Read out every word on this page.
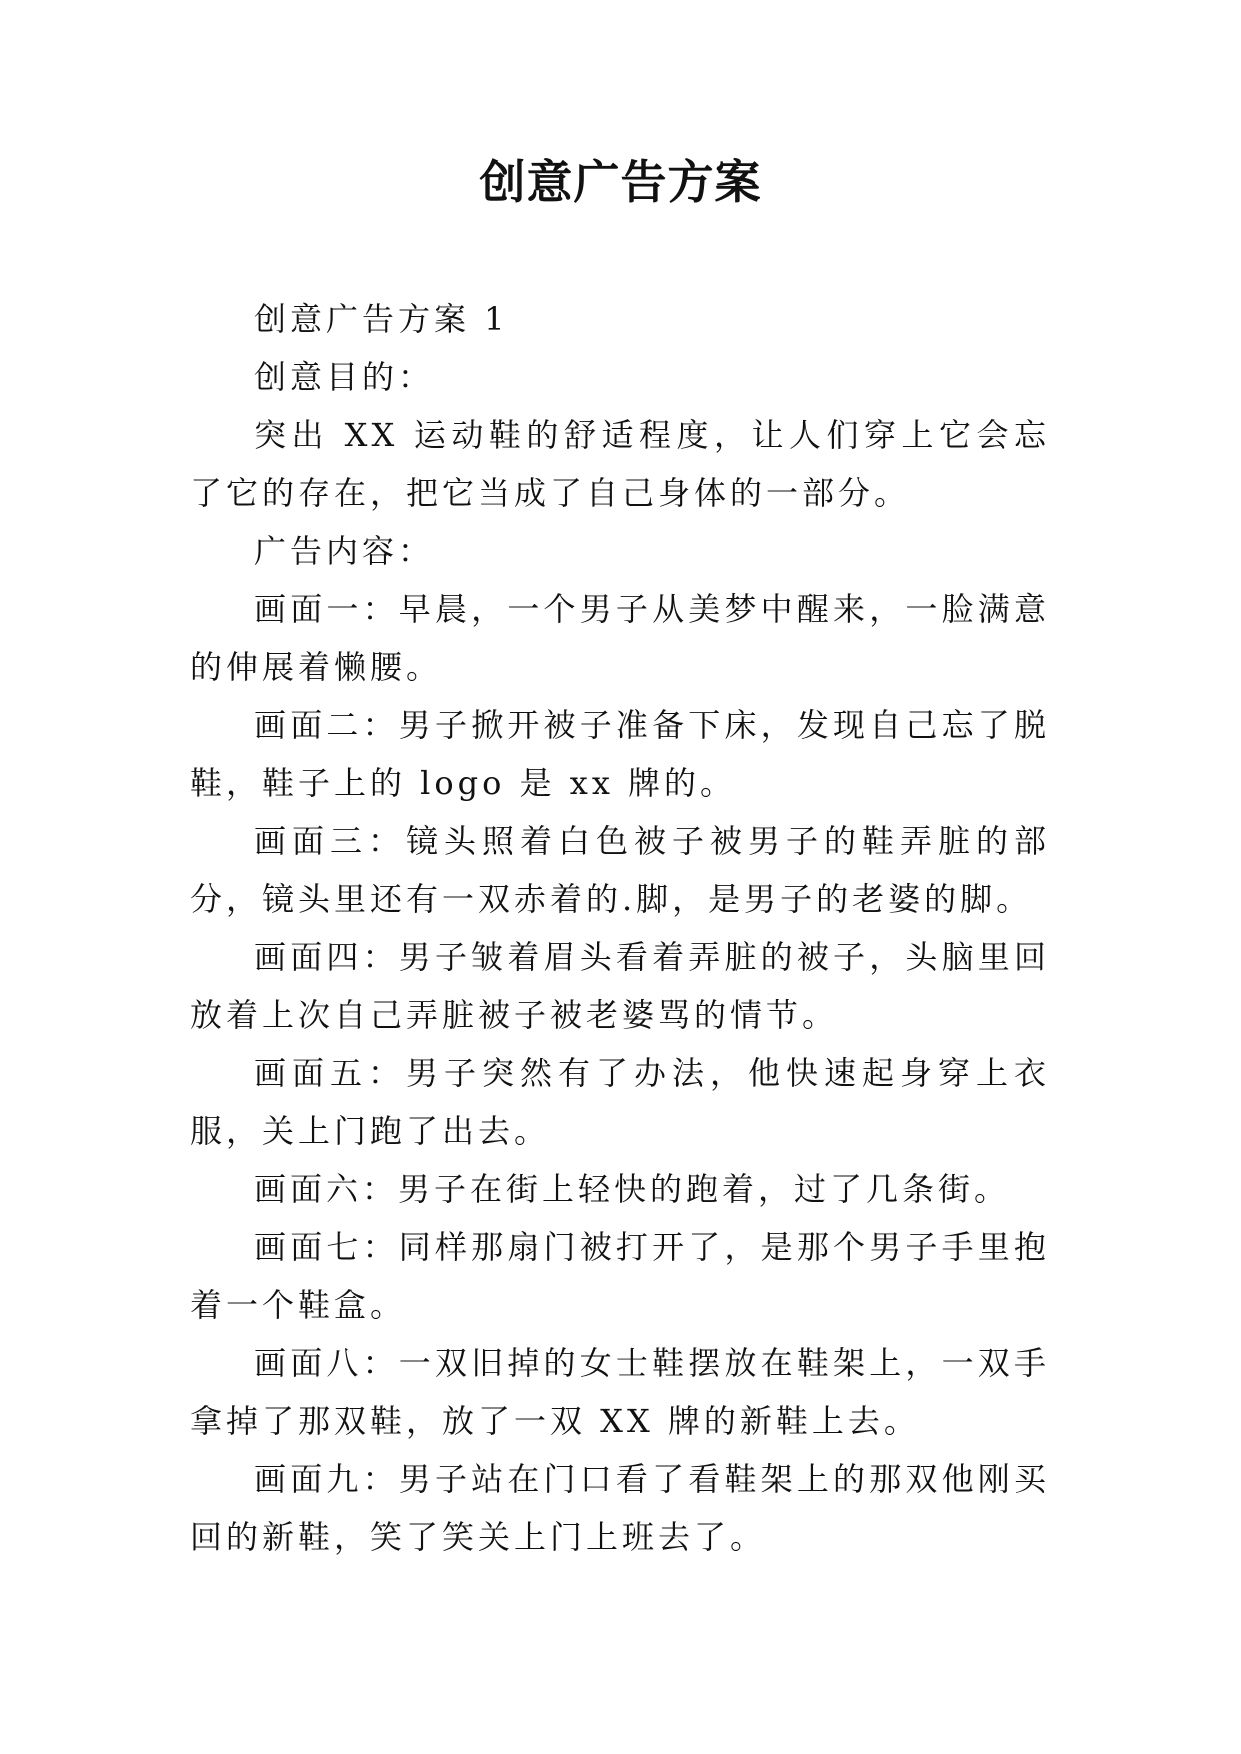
创意广告方案

创意广告方案 1

创意目的：

突出 XX 运动鞋的舒适程度，让人们穿上它会忘了它的存在，把它当成了自己身体的一部分。

广告内容：

画面一：早晨，一个男子从美梦中醒来，一脸满意的伸展着懒腰。

画面二：男子掀开被子准备下床，发现自己忘了脱鞋，鞋子上的 logo 是 xx 牌的。

画面三：镜头照着白色被子被男子的鞋弄脏的部分，镜头里还有一双赤着的.脚，是男子的老婆的脚。

画面四：男子皱着眉头看着弄脏的被子，头脑里回放着上次自己弄脏被子被老婆骂的情节。

画面五：男子突然有了办法，他快速起身穿上衣服，关上门跑了出去。

画面六：男子在街上轻快的跑着，过了几条街。

画面七：同样那扇门被打开了，是那个男子手里抱着一个鞋盒。

画面八：一双旧掉的女士鞋摆放在鞋架上，一双手拿掉了那双鞋，放了一双 XX 牌的新鞋上去。

画面九：男子站在门口看了看鞋架上的那双他刚买回的新鞋，笑了笑关上门上班去了。
